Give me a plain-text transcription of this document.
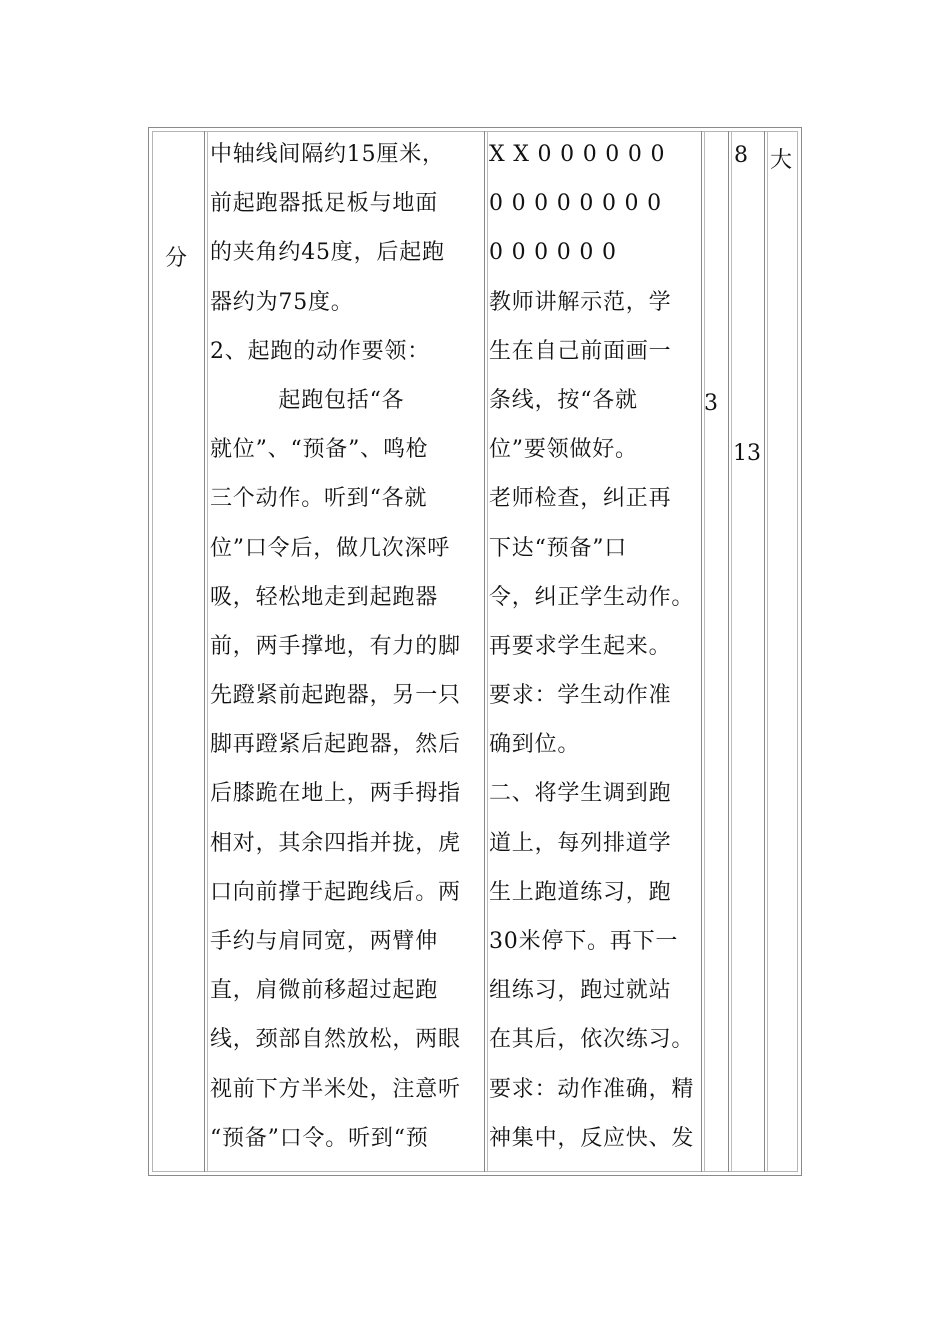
分
中轴线间隔约15厘米，
前起跑器抵足板与地面
的夹角约45度，后起跑
器约为75度。
2、起跑的动作要领：
　　　起跑包括“各
就位”、“预备”、鸣枪
三个动作。听到“各就
位”口令后，做几次深呼
吸，轻松地走到起跑器
前，两手撑地，有力的脚
先蹬紧前起跑器，另一只
脚再蹬紧后起跑器，然后
后膝跪在地上，两手拇指
相对，其余四指并拢，虎
口向前撑于起跑线后。两
手约与肩同宽，两臂伸
直，肩微前移超过起跑
线，颈部自然放松，两眼
视前下方半米处，注意听
“预备”口令。听到“预
X X 0 0 0 0 0 0
0 0 0 0 0 0 0 0
0 0 0 0 0 0
教师讲解示范，学
生在自己前面画一
条线，按“各就
位”要领做好。
老师检查，纠正再
下达“预备”口
令，纠正学生动作。
再要求学生起来。
要求：学生动作准
确到位。
二、将学生调到跑
道上，每列排道学
生上跑道练习，跑
30米停下。再下一
组练习，跑过就站
在其后，依次练习。
要求：动作准确，精
神集中，反应快、发
3
8
13
大
